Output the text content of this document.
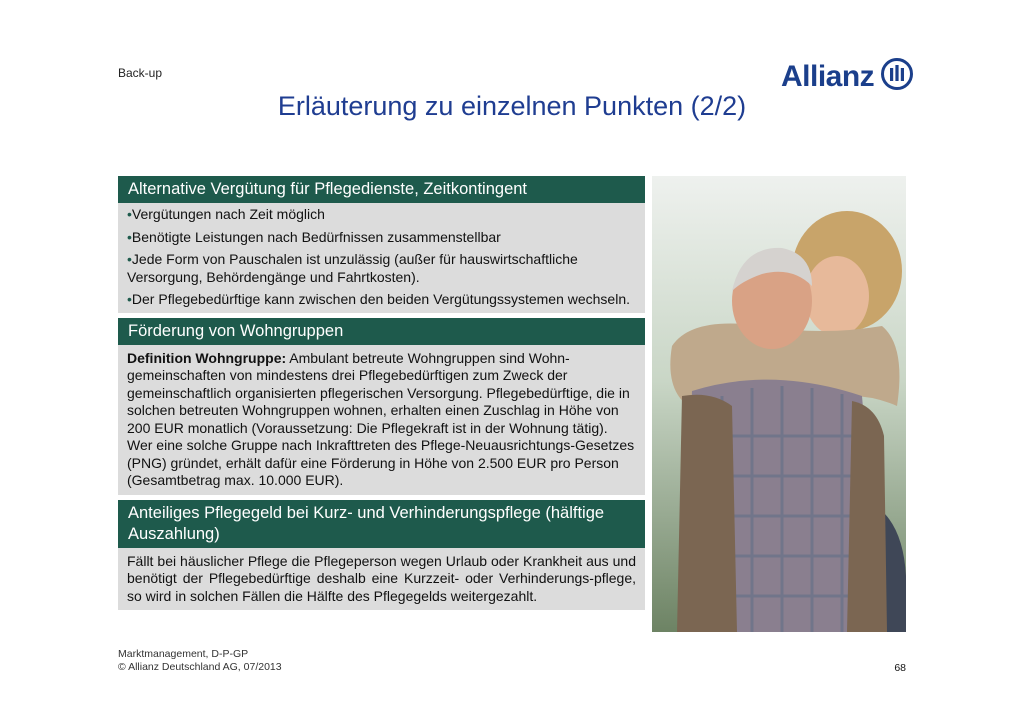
Back-up	Allianz
Erläuterung zu einzelnen Punkten (2/2)
Alternative Vergütung für Pflegedienste, Zeitkontingent
•Vergütungen nach Zeit möglich
•Benötigte Leistungen nach Bedürfnissen zusammenstellbar
•Jede Form von Pauschalen ist unzulässig (außer für hauswirtschaftliche Versorgung, Behördengänge und Fahrtkosten).
•Der Pflegebedürftige kann zwischen den beiden Vergütungssystemen wechseln.
Förderung von Wohngruppen
Definition Wohngruppe: Ambulant betreute Wohngruppen sind Wohn-gemeinschaften von mindestens drei Pflegebedürftigen zum Zweck der gemeinschaftlich organisierten pflegerischen Versorgung. Pflegebedürftige, die in solchen betreuten Wohngruppen wohnen, erhalten einen Zuschlag in Höhe von 200 EUR monatlich (Voraussetzung: Die Pflegekraft ist in der Wohnung tätig). Wer eine solche Gruppe nach Inkrafttreten des Pflege-Neuausrichtungs-Gesetzes (PNG) gründet, erhält dafür eine Förderung in Höhe von 2.500 EUR pro Person (Gesamtbetrag max. 10.000 EUR).
Anteiliges Pflegegeld bei Kurz- und Verhinderungspflege (hälftige Auszahlung)
Fällt bei häuslicher Pflege die Pflegeperson wegen Urlaub oder Krankheit aus und benötigt der Pflegebedürftige deshalb eine Kurzzeit- oder Verhinderungs-pflege, so wird in solchen Fällen die Hälfte des Pflegegelds weitergezahlt.
Marktmanagement, D-P-GP
© Allianz Deutschland AG, 07/2013	68
